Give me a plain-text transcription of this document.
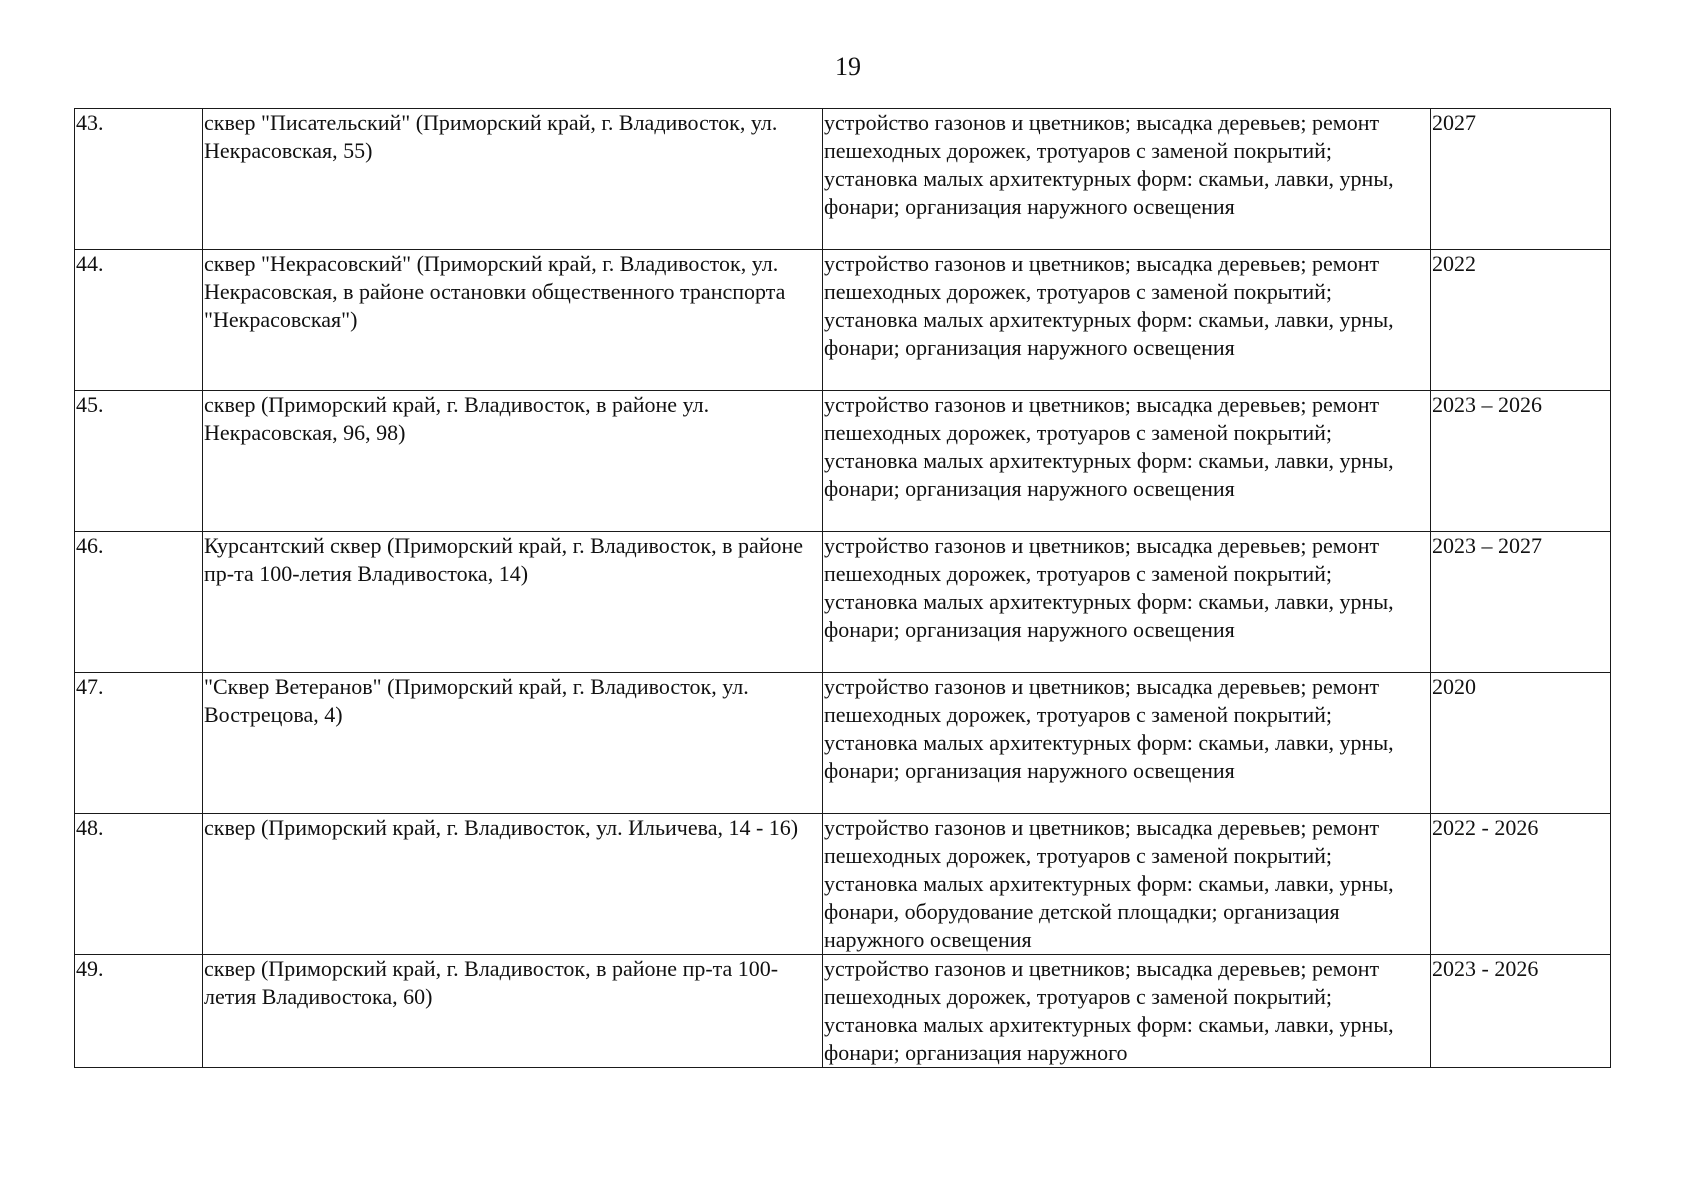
19
43.	сквер "Писательский" (Приморский край, г. Владивосток, ул. Некрасовская, 55)	устройство газонов и цветников; высадка деревьев; ремонт пешеходных дорожек, тротуаров с заменой покрытий; установка малых архитектурных форм: скамьи, лавки, урны, фонари; организация наружного освещения	2027
44.	сквер "Некрасовский" (Приморский край, г. Владивосток, ул. Некрасовская, в районе остановки общественного транспорта "Некрасовская")	устройство газонов и цветников; высадка деревьев; ремонт пешеходных дорожек, тротуаров с заменой покрытий; установка малых архитектурных форм: скамьи, лавки, урны, фонари; организация наружного освещения	2022
45.	сквер (Приморский край, г. Владивосток, в районе ул. Некрасовская, 96, 98)	устройство газонов и цветников; высадка деревьев; ремонт пешеходных дорожек, тротуаров с заменой покрытий; установка малых архитектурных форм: скамьи, лавки, урны, фонари; организация наружного освещения	2023 – 2026
46.	Курсантский сквер (Приморский край, г. Владивосток, в районе пр-та 100-летия Владивостока, 14)	устройство газонов и цветников; высадка деревьев; ремонт пешеходных дорожек, тротуаров с заменой покрытий; установка малых архитектурных форм: скамьи, лавки, урны, фонари; организация наружного освещения	2023 – 2027
47.	"Сквер Ветеранов" (Приморский край, г. Владивосток, ул. Вострецова, 4)	устройство газонов и цветников; высадка деревьев; ремонт пешеходных дорожек, тротуаров с заменой покрытий; установка малых архитектурных форм: скамьи, лавки, урны, фонари; организация наружного освещения	2020
48.	сквер (Приморский край, г. Владивосток, ул. Ильичева, 14 - 16)	устройство газонов и цветников; высадка деревьев; ремонт пешеходных дорожек, тротуаров с заменой покрытий; установка малых архитектурных форм: скамьи, лавки, урны, фонари, оборудование детской площадки; организация наружного освещения	2022 - 2026
49.	сквер (Приморский край, г. Владивосток, в районе пр-та 100-летия Владивостока, 60)	устройство газонов и цветников; высадка деревьев; ремонт пешеходных дорожек, тротуаров с заменой покрытий; установка малых архитектурных форм: скамьи, лавки, урны, фонари; организация наружного	2023 - 2026
